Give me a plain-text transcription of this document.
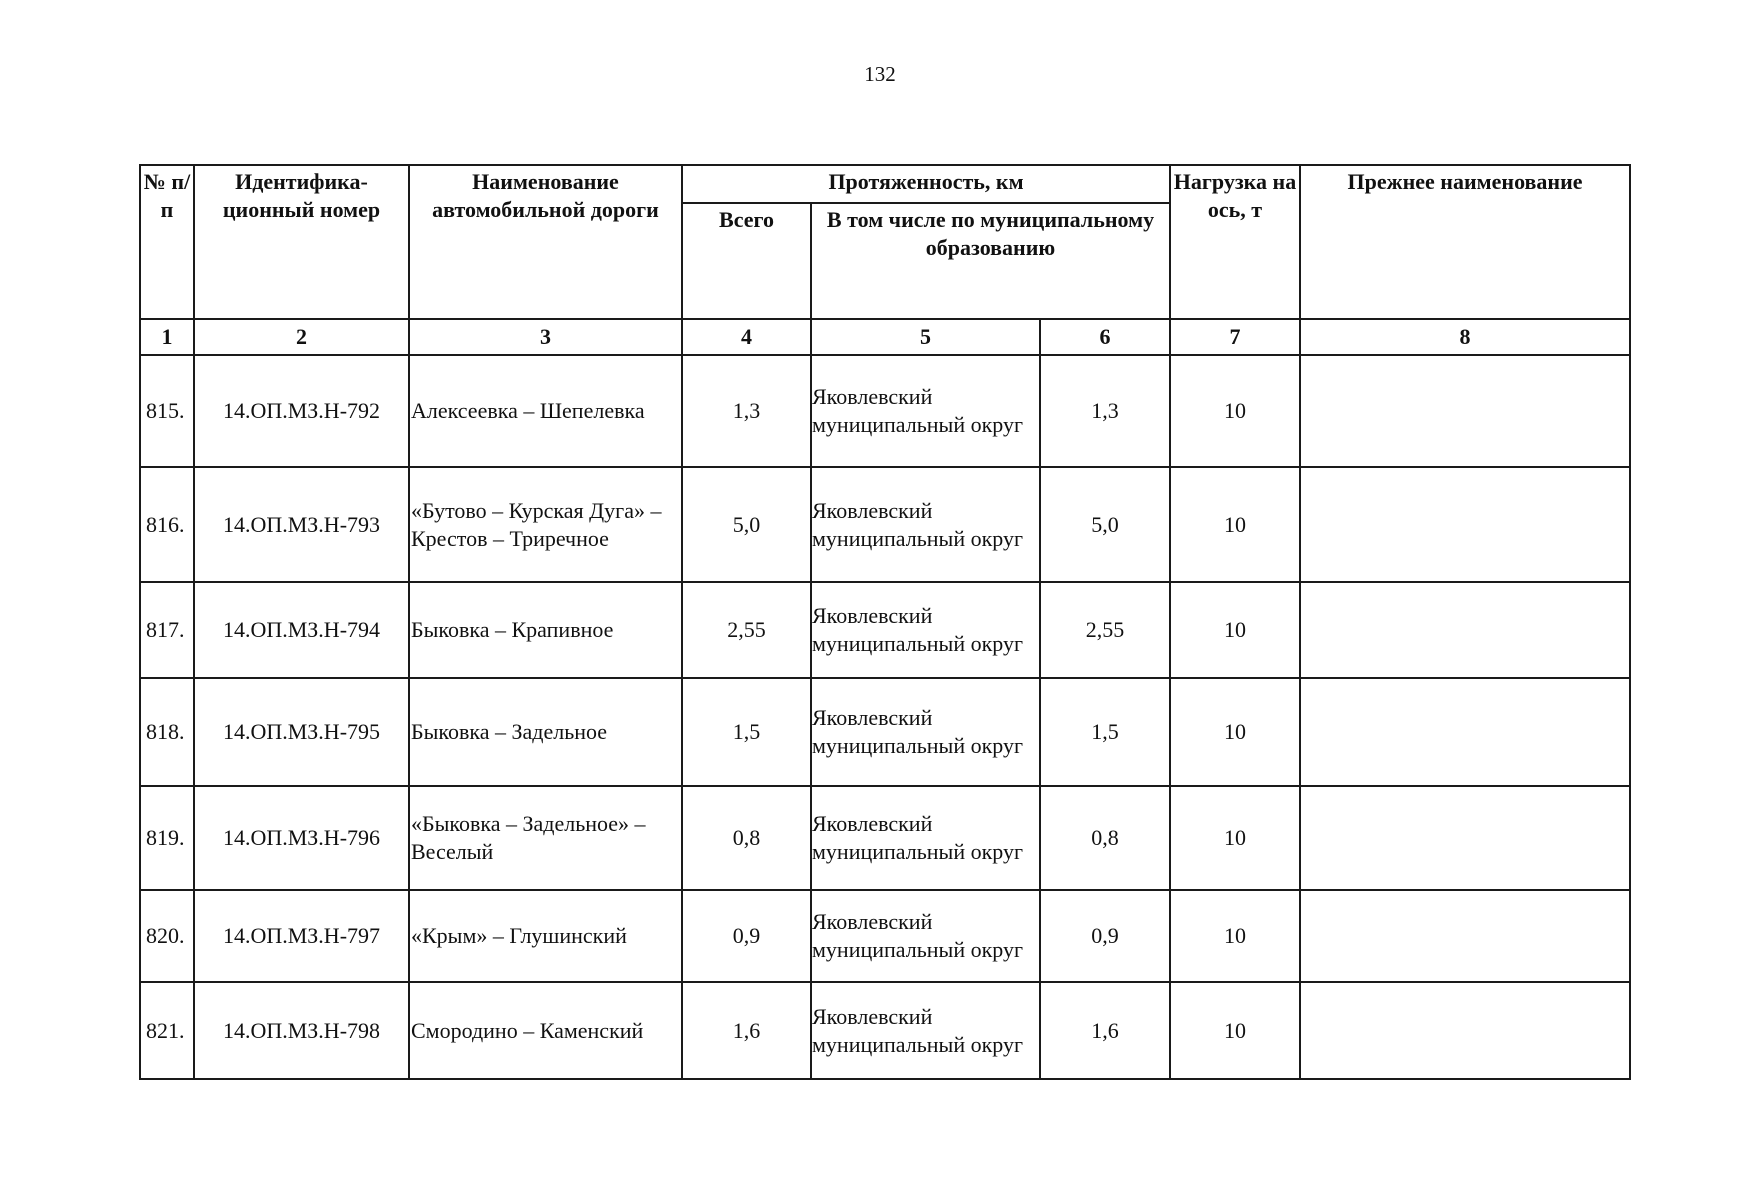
132
№ п/п	Идентифика-ционный номер	Наименование автомобильной дороги	Протяженность, км			Нагрузка на ось, т	Прежнее наименование
			Всего	В том числе по муниципальному образованию			
1	2	3	4	5	6	7	8
815.	14.ОП.МЗ.Н-792	Алексеевка – Шепелевка	1,3	Яковлевский муниципальный округ	1,3	10	
816.	14.ОП.МЗ.Н-793	«Бутово – Курская Дуга» – Крестов – Триречное	5,0	Яковлевский муниципальный округ	5,0	10	
817.	14.ОП.МЗ.Н-794	Быковка – Крапивное	2,55	Яковлевский муниципальный округ	2,55	10	
818.	14.ОП.МЗ.Н-795	Быковка – Задельное	1,5	Яковлевский муниципальный округ	1,5	10	
819.	14.ОП.МЗ.Н-796	«Быковка – Задельное» – Веселый	0,8	Яковлевский муниципальный округ	0,8	10	
820.	14.ОП.МЗ.Н-797	«Крым» – Глушинский	0,9	Яковлевский муниципальный округ	0,9	10	
821.	14.ОП.МЗ.Н-798	Смородино – Каменский	1,6	Яковлевский муниципальный округ	1,6	10	
